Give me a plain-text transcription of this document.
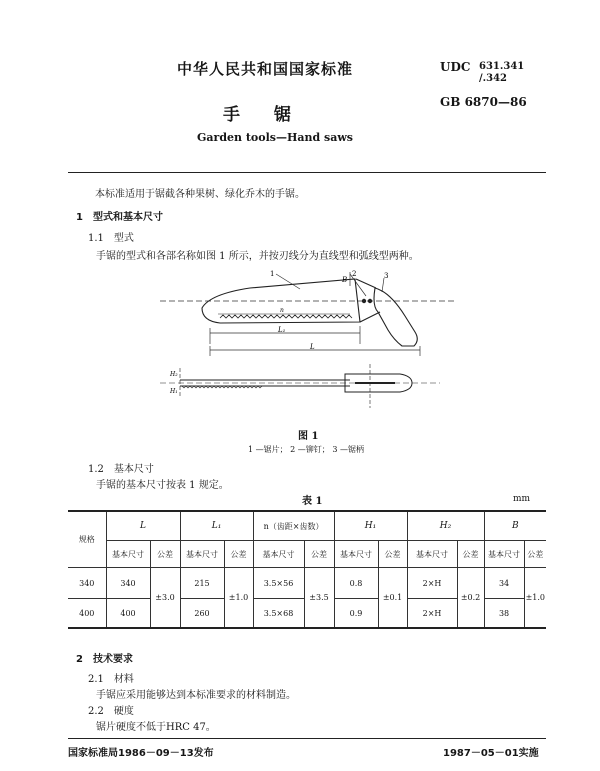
中华人民共和国国家标准	UDC 631.341
/.342
GB 6870—86
手　　锯
Garden tools—Hand saws
本标准适用于锯截各种果树、绿化乔木的手锯。
1　型式和基本尺寸
1.1　型式
手锯的型式和各部名称如图 1 所示，并按刃线分为直线型和弧线型两种。
1	2	3
B
n
L₁
L
H₂
H₁
图 1
1 —锯片； 2 —铆钉； 3 —锯柄
1.2　基本尺寸
手锯的基本尺寸按表 1 规定。
表 1	mm
规格	L		L₁		n（齿距×齿数）		H₁		H₂		B	
	基本尺寸	公差	基本尺寸	公差	基本尺寸	公差	基本尺寸	公差	基本尺寸	公差	基本尺寸	公差
340	340	±3.0	215	±1.0	3.5×56	±3.5	0.8	±0.1	2×H	±0.2	34	±1.0
400	400		260		3.5×68		0.9		2×H		38	
2　技术要求
2.1　材料
手锯应采用能够达到本标准要求的材料制造。
2.2　硬度
锯片硬度不低于HRC 47。
国家标准局1986－09－13发布	1987－05－01实施
